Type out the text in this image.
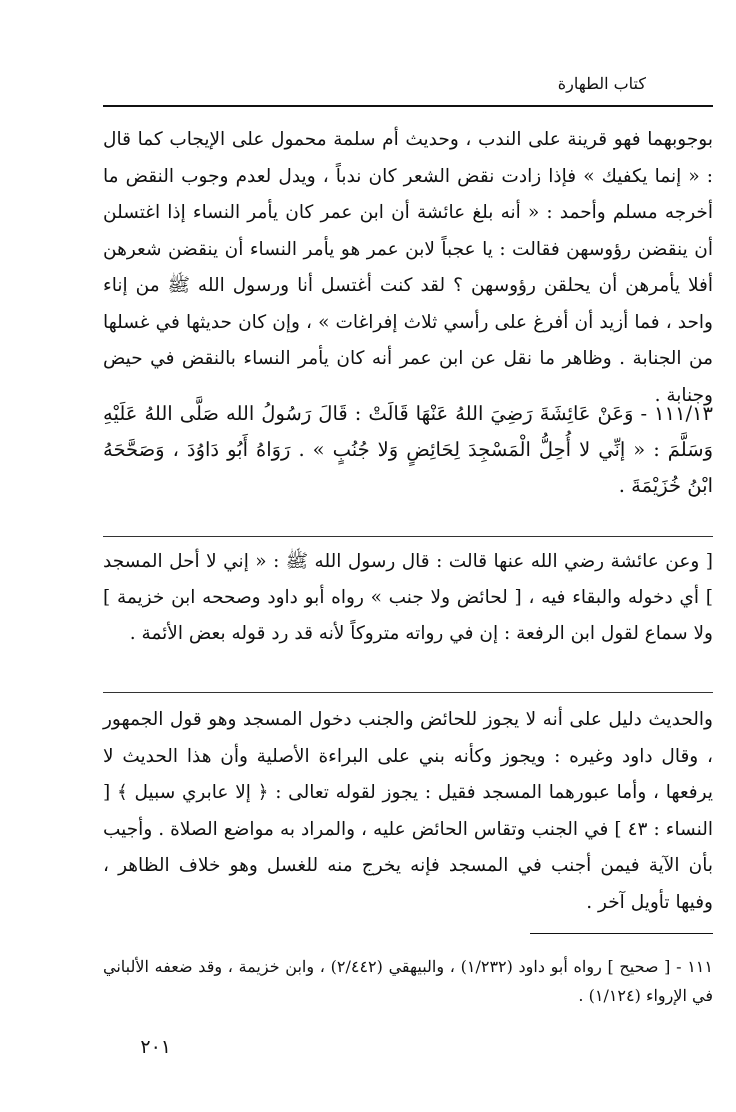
كتاب الطهارة

بوجوبهما فهو قرينة على الندب ، وحديث أم سلمة محمول على الإيجاب كما قال : « إنما يكفيك » فإذا زادت نقض الشعر كان ندباً ، ويدل لعدم وجوب النقض ما أخرجه مسلم وأحمد : « أنه بلغ عائشة أن ابن عمر كان يأمر النساء إذا اغتسلن أن ينقضن رؤوسهن فقالت : يا عجباً لابن عمر هو يأمر النساء أن ينقضن شعرهن أفلا يأمرهن أن يحلقن رؤوسهن ؟ لقد كنت أغتسل أنا ورسول الله ﷺ من إناء واحد ، فما أزيد أن أفرغ على رأسي ثلاث إفراغات » ، وإن كان حديثها في غسلها من الجنابة . وظاهر ما نقل عن ابن عمر أنه كان يأمر النساء بالنقض في حيض وجنابة .

١١١/١٣ - وَعَنْ عَائِشَةَ رَضِيَ اللهُ عَنْهَا قَالَتْ : قَالَ رَسُولُ الله صَلَّى اللهُ عَلَيْهِ وَسَلَّمَ : « إنِّي لا أُحِلُّ الْمَسْجِدَ لِحَائِضٍ وَلا جُنُبٍ » . رَوَاهُ أَبُو دَاوُدَ ، وَصَحَّحَهُ ابْنُ خُزَيْمَةَ .

[ وعن عائشة رضي الله عنها قالت : قال رسول الله ﷺ : « إني لا أحل المسجد ] أي دخوله والبقاء فيه ، [ لحائض ولا جنب » رواه أبو داود وصححه ابن خزيمة ] ولا سماع لقول ابن الرفعة : إن في رواته متروكاً لأنه قد رد قوله بعض الأئمة .

والحديث دليل على أنه لا يجوز للحائض والجنب دخول المسجد وهو قول الجمهور ، وقال داود وغيره : ويجوز وكأنه بني على البراءة الأصلية وأن هذا الحديث لا يرفعها ، وأما عبورهما المسجد فقيل : يجوز لقوله تعالى : ﴿ إلا عابري سبيل ﴾ [ النساء : ٤٣ ] في الجنب وتقاس الحائض عليه ، والمراد به مواضع الصلاة . وأجيب بأن الآية فيمن أجنب في المسجد فإنه يخرج منه للغسل وهو خلاف الظاهر ، وفيها تأويل آخر .

١١١ - [ صحيح ] رواه أبو داود (١/٢٣٢) ، والبيهقي (٢/٤٤٢) ، وابن خزيمة ، وقد ضعفه الألباني في الإرواء (١/١٢٤) .

٢٠١
